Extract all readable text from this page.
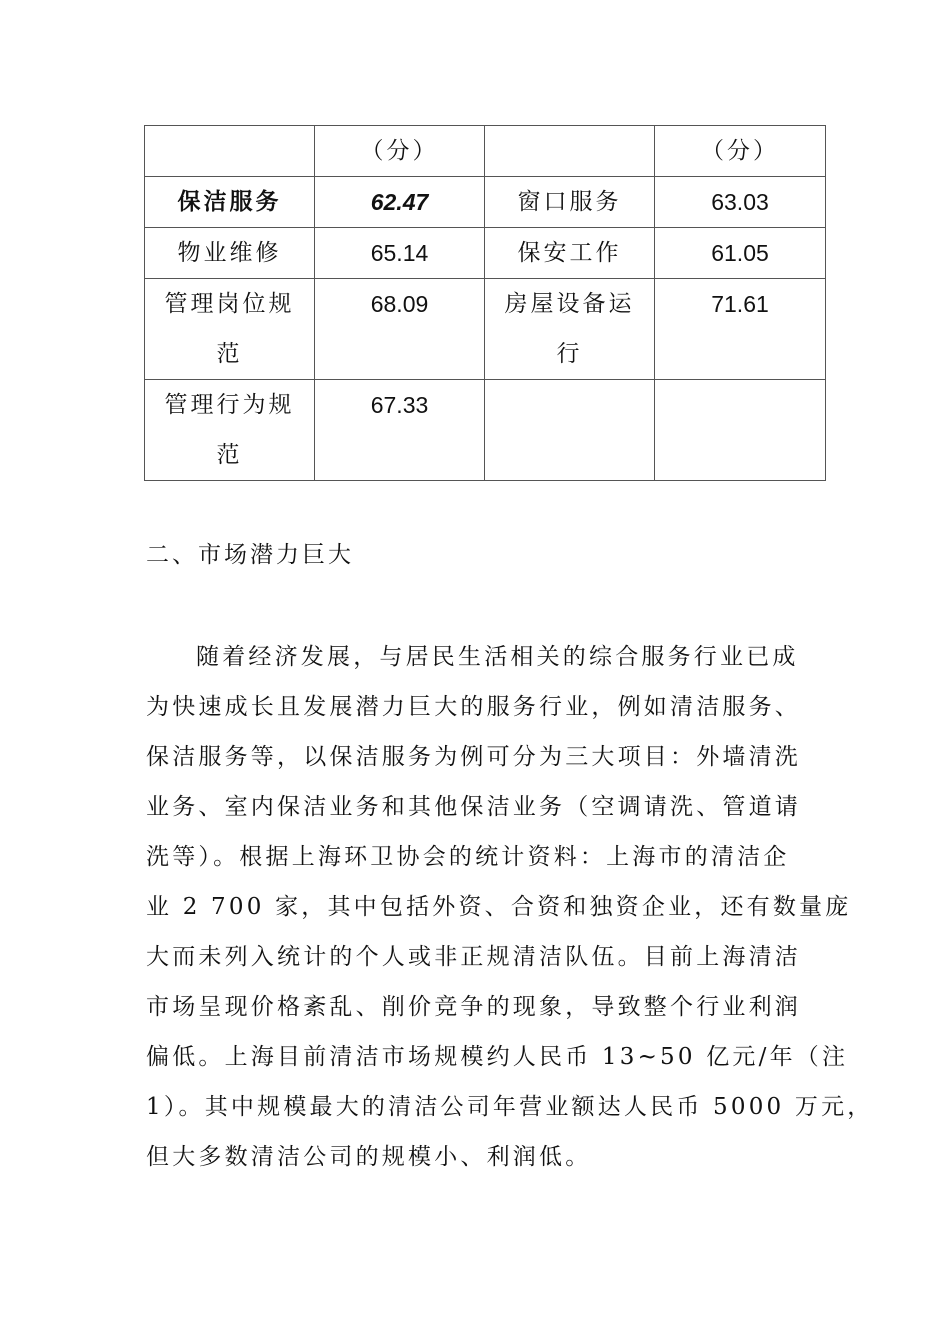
	（分）		（分）
保洁服务	62.47	窗口服务	63.03
物业维修	65.14	保安工作	61.05
管理岗位规范	68.09	房屋设备运行	71.61
管理行为规范	67.33		
二、市场潜力巨大

随着经济发展，与居民生活相关的综合服务行业已成
为快速成长且发展潜力巨大的服务行业，例如清洁服务、
保洁服务等，以保洁服务为例可分为三大项目：外墙清洗
业务、室内保洁业务和其他保洁业务（空调请洗、管道请
洗等）。根据上海环卫协会的统计资料：上海市的清洁企
业 2 700 家，其中包括外资、合资和独资企业，还有数量庞
大而未列入统计的个人或非正规清洁队伍。目前上海清洁
市场呈现价格紊乱、削价竞争的现象，导致整个行业利润
偏低。上海目前清洁市场规模约人民币 13~50 亿元/年（注
1）。其中规模最大的清洁公司年营业额达人民币 5000 万元，
但大多数清洁公司的规模小、利润低。
